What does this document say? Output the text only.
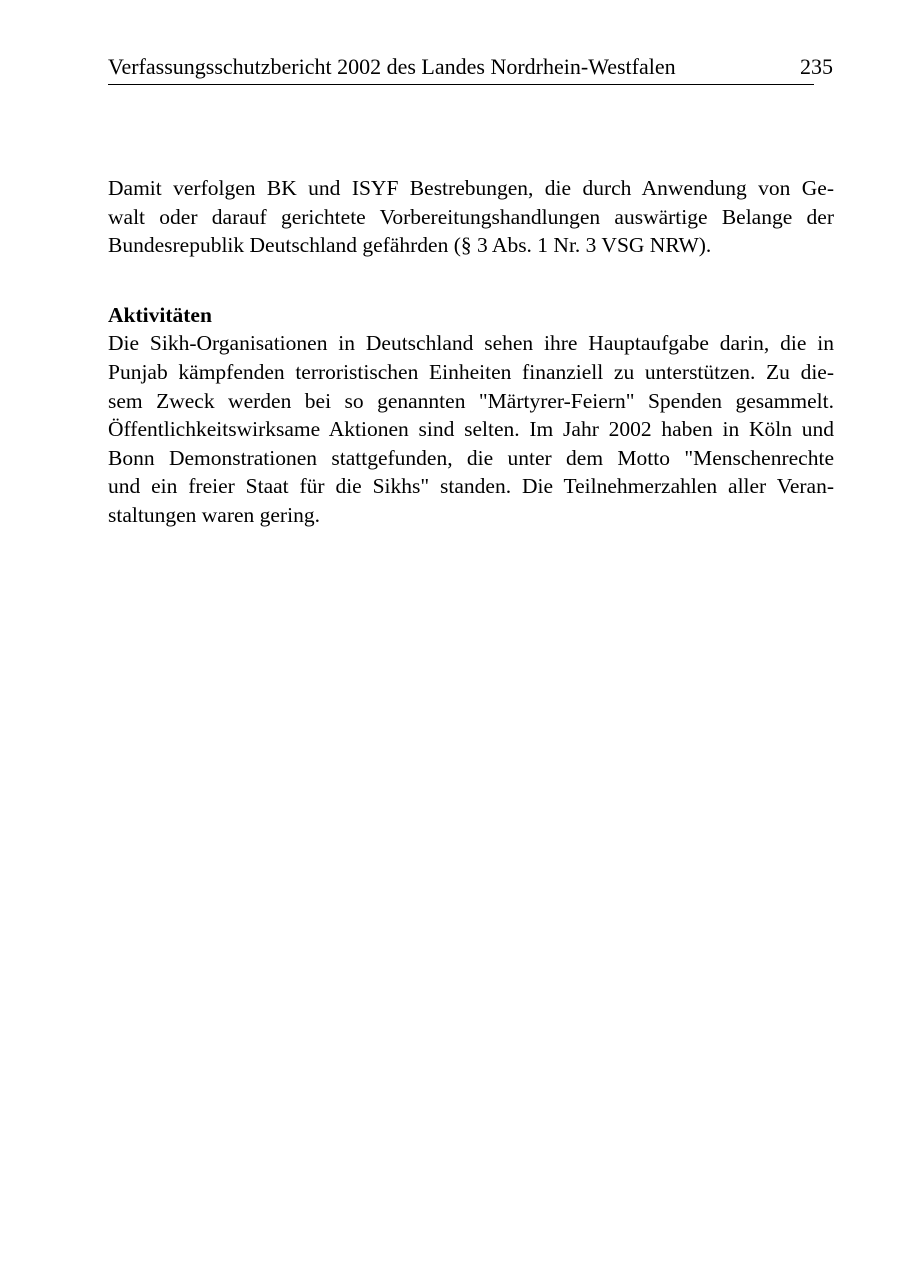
Verfassungsschutzbericht 2002 des Landes Nordrhein-Westfalen	235
Damit verfolgen BK und ISYF Bestrebungen, die durch Anwendung von Ge-
walt oder darauf gerichtete Vorbereitungshandlungen auswärtige Belange der
Bundesrepublik Deutschland gefährden (§ 3 Abs. 1 Nr. 3 VSG NRW).
Aktivitäten
Die Sikh-Organisationen in Deutschland sehen ihre Hauptaufgabe darin, die in
Punjab kämpfenden terroristischen Einheiten finanziell zu unterstützen. Zu die-
sem Zweck werden bei so genannten "Märtyrer-Feiern" Spenden gesammelt.
Öffentlichkeitswirksame Aktionen sind selten. Im Jahr 2002 haben in Köln und
Bonn Demonstrationen stattgefunden, die unter dem Motto "Menschenrechte
und ein freier Staat für die Sikhs" standen. Die Teilnehmerzahlen aller Veran-
staltungen waren gering.
